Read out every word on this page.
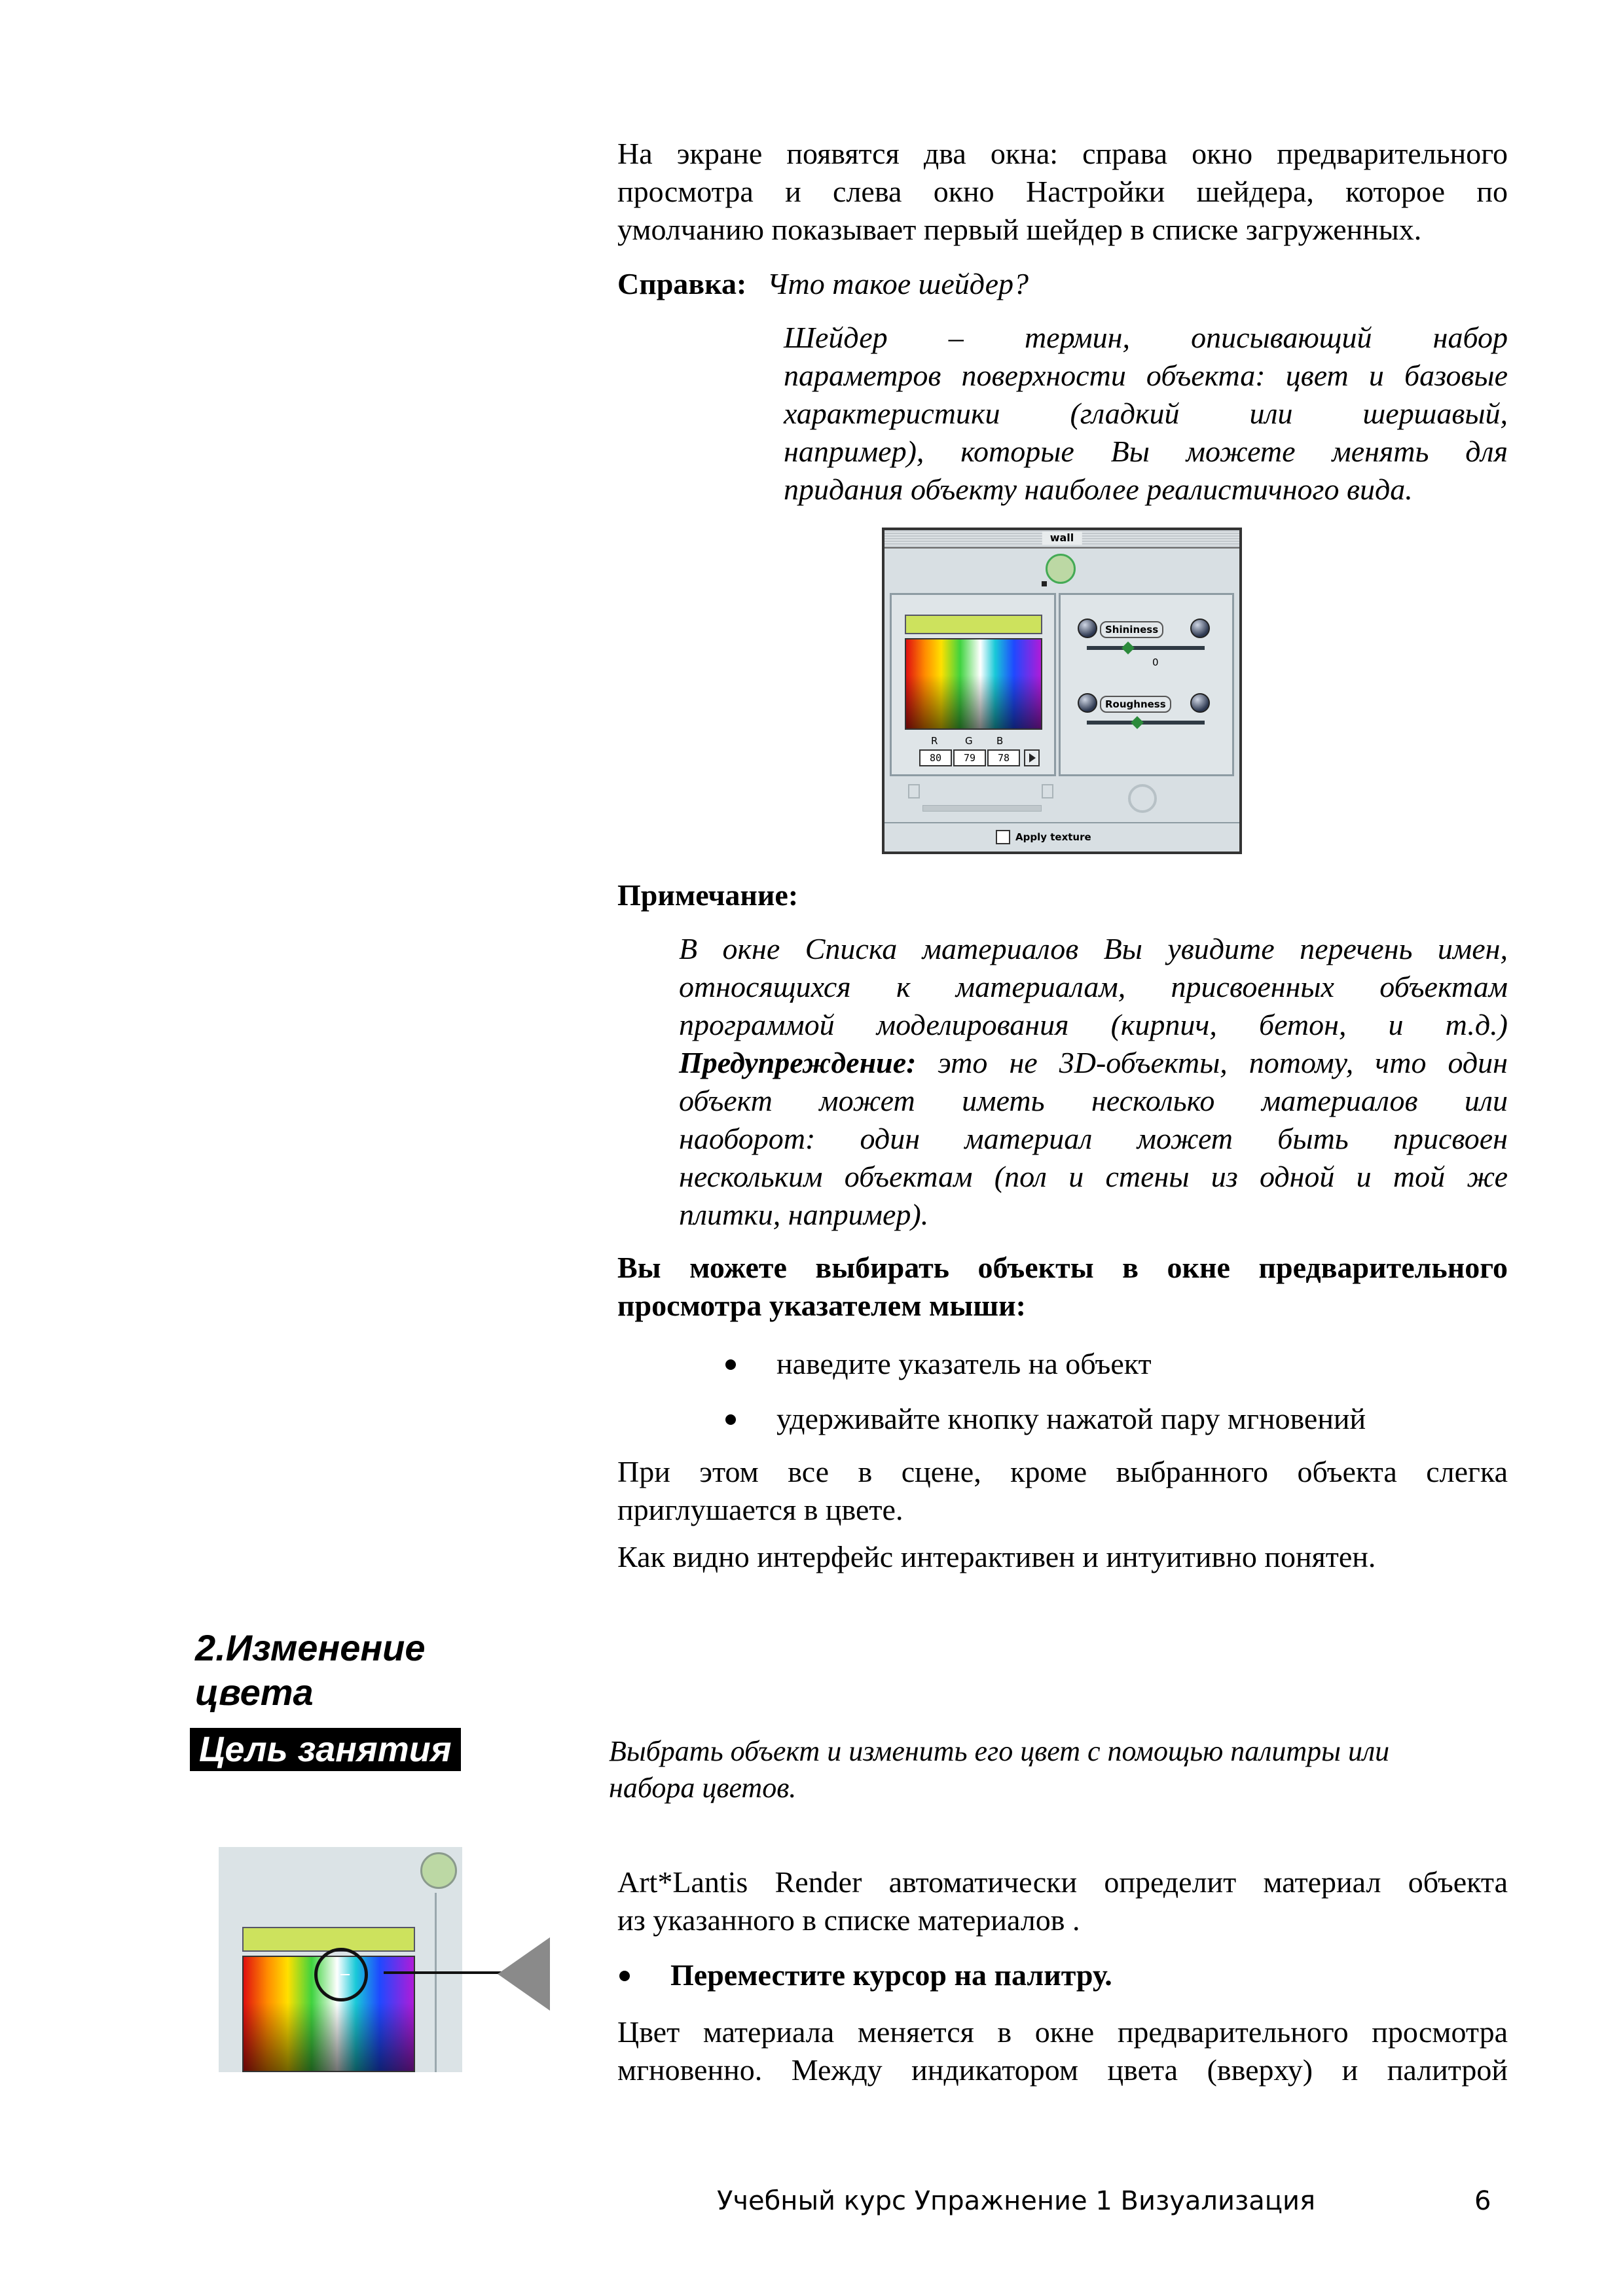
На экране появятся два окна: справа окно предварительного

просмотра и слева окно Настройки шейдера, которое по

умолчанию показывает первый шейдер в списке загруженных.

Справка: Что такое шейдер?

Шейдер – термин, описывающий набор

параметров поверхности объекта: цвет и базовые

характеристики (гладкий или шершавый,

например), которые Вы можете менять для

придания объекту наиболее реалистичного вида.

wall
R	G B
80	79	78
Shininess
0
Roughness
Apply texture
Примечание:

В окне Списка материалов Вы увидите перечень имен,

относящихся к материалам, присвоенных объектам

программой моделирования (кирпич, бетон, и т.д.)

Предупреждение: это не 3D-объекты, потому, что один

объект может иметь несколько материалов или

наоборот: один материал может быть присвоен

нескольким объектам (пол и стены из одной и той же

плитки, например).

Вы можете выбирать объекты в окне предварительного

просмотра указателем мыши:

наведите указатель на объект
удерживайте кнопку нажатой пару мгновений

При этом все в сцене, кроме выбранного объекта слегка

приглушается в цвете.

Как видно интерфейс интерактивен и интуитивно понятен.

2.Изменение

цвета

Цель занятия	Выбрать объект и изменить его цвет с помощью палитры или

набора цветов.

Art*Lantis Render автоматически определит материал объекта

из указанного в списке материалов .

Переместите курсор на палитру.

Цвет материала меняется в окне предварительного просмотра

мгновенно. Между индикатором цвета (вверху) и палитрой

Учебный курс Упражнение 1 Визуализация	6
